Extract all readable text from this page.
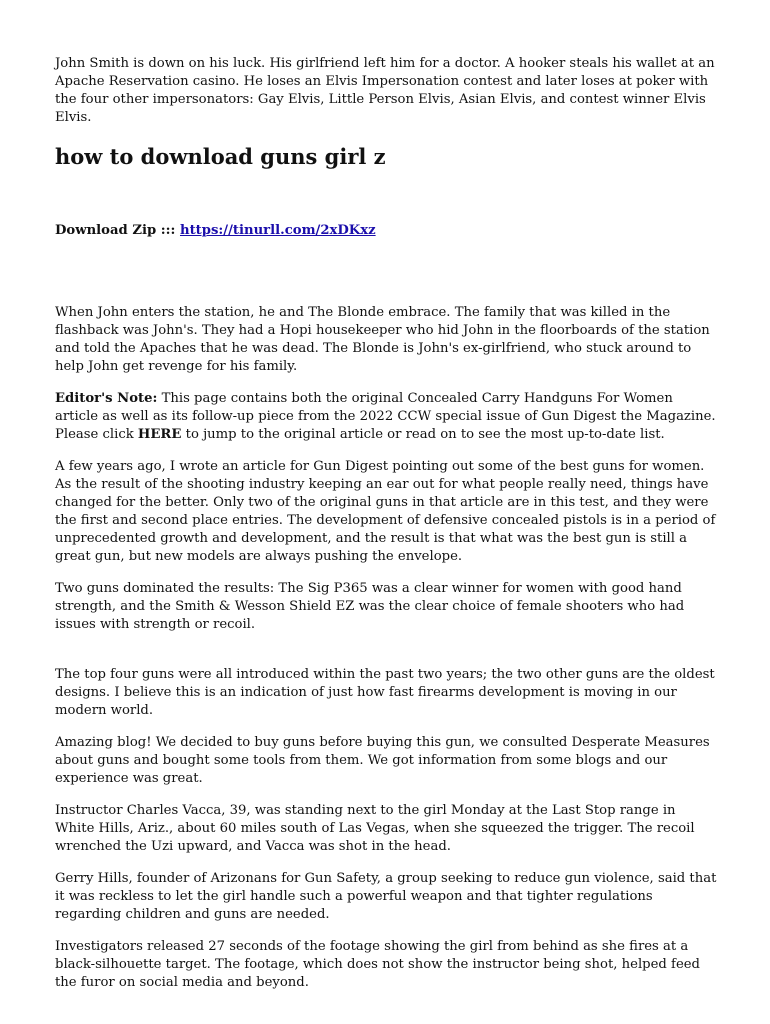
John Smith is down on his luck. His girlfriend left him for a doctor. A hooker steals his wallet at an Apache Reservation casino. He loses an Elvis Impersonation contest and later loses at poker with the four other impersonators: Gay Elvis, Little Person Elvis, Asian Elvis, and contest winner Elvis Elvis.

how to download guns girl z
Download Zip ::: https://tinurll.com/2xDKxz

When John enters the station, he and The Blonde embrace. The family that was killed in the flashback was John's. They had a Hopi housekeeper who hid John in the floorboards of the station and told the Apaches that he was dead. The Blonde is John's ex-girlfriend, who stuck around to help John get revenge for his family.

Editor's Note: This page contains both the original Concealed Carry Handguns For Women article as well as its follow-up piece from the 2022 CCW special issue of Gun Digest the Magazine. Please click HERE to jump to the original article or read on to see the most up-to-date list.

A few years ago, I wrote an article for Gun Digest pointing out some of the best guns for women. As the result of the shooting industry keeping an ear out for what people really need, things have changed for the better. Only two of the original guns in that article are in this test, and they were the first and second place entries. The development of defensive concealed pistols is in a period of unprecedented growth and development, and the result is that what was the best gun is still a great gun, but new models are always pushing the envelope.

Two guns dominated the results: The Sig P365 was a clear winner for women with good hand strength, and the Smith & Wesson Shield EZ was the clear choice of female shooters who had issues with strength or recoil.

The top four guns were all introduced within the past two years; the two other guns are the oldest designs. I believe this is an indication of just how fast firearms development is moving in our modern world.

Amazing blog! We decided to buy guns before buying this gun, we consulted Desperate Measures about guns and bought some tools from them. We got information from some blogs and our experience was great.

Instructor Charles Vacca, 39, was standing next to the girl Monday at the Last Stop range in White Hills, Ariz., about 60 miles south of Las Vegas, when she squeezed the trigger. The recoil wrenched the Uzi upward, and Vacca was shot in the head.

Gerry Hills, founder of Arizonans for Gun Safety, a group seeking to reduce gun violence, said that it was reckless to let the girl handle such a powerful weapon and that tighter regulations regarding children and guns are needed.

Investigators released 27 seconds of the footage showing the girl from behind as she fires at a black-silhouette target. The footage, which does not show the instructor being shot, helped feed the furor on social media and beyond.
